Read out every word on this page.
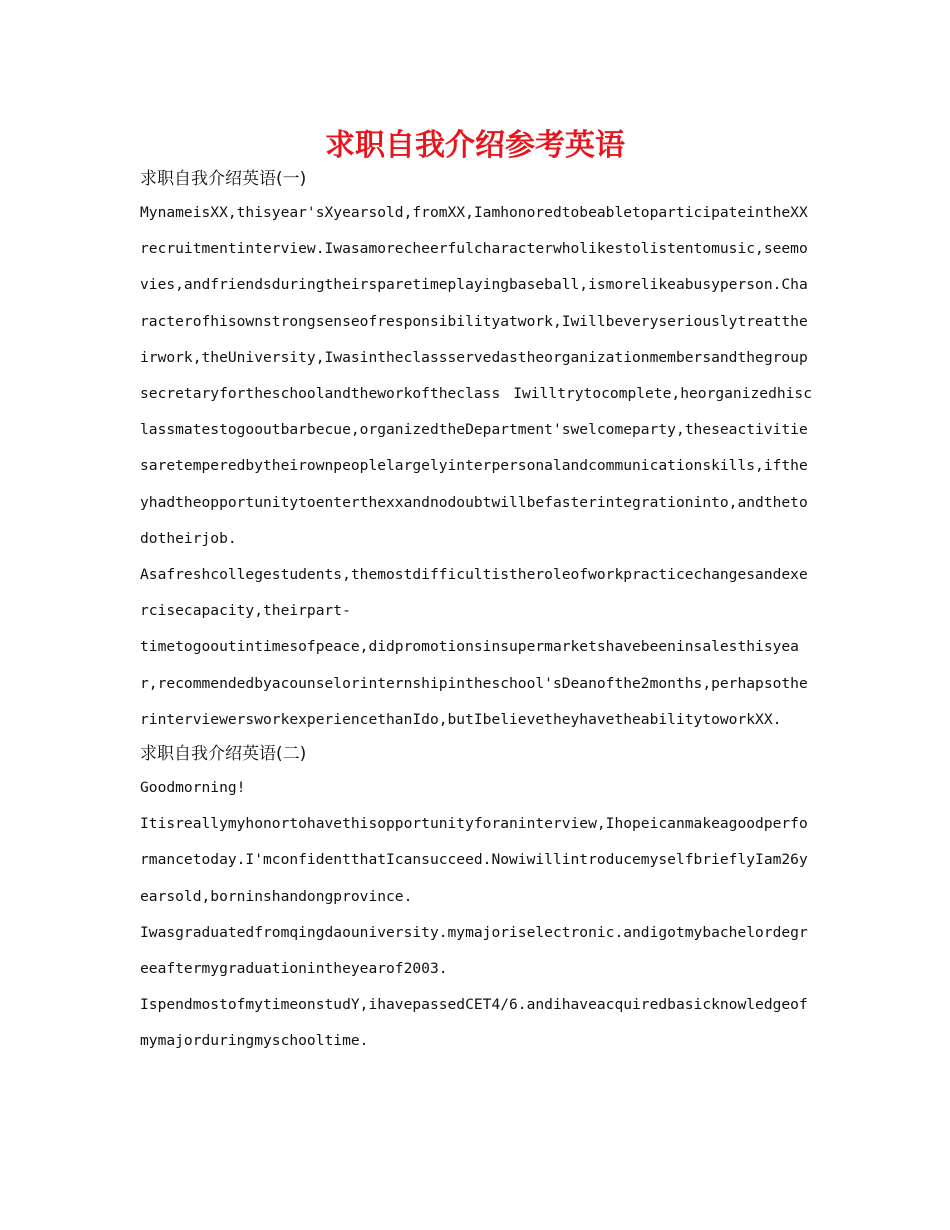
求职自我介绍参考英语

求职自我介绍英语(一)

MynameisXX,thisyear'sXyearsold,fromXX,IamhonoredtobeabletoparticipateintheXXrecruitmentinterview.Iwasamorecheerfulcharacterwholikestolistentomusic,seemovies,andfriendsduringtheirsparetimeplayingbaseball,ismorelikeabusyperson.Characterofhisownstrongsenseofresponsibilityatwork,Iwillbeveryseriouslytreattheirwork,theUniversity,Iwasintheclassservedastheorganizationmembersandthegroupsecretaryfortheschoolandtheworkoftheclass Iwilltrytocomplete,heorganizedhisclassmatestogooutbarbecue,organizedtheDepartment'swelcomeparty,theseactivitiesaretemperedbytheirownpeoplelargelyinterpersonalandcommunicationskills,iftheyhadtheopportunitytoenterthexxandnodoubtwillbefasterintegrationinto,andthetodotheirjob.

Asafreshcollegestudents,themostdifficultistheroleofworkpracticechangesandexercisecapacity,theirpart-

timetogooutintimesofpeace,didpromotionsinsupermarketshavebeeninsalesthisyear,recommendedbyacounselorinternshipintheschool'sDeanofthe2months,perhapsotherinterviewersworkexperiencethanIdo,butIbelievetheyhavetheabilitytoworkXX.

求职自我介绍英语(二)

Goodmorning!

Itisreallymyhonortohavethisopportunityforaninterview,Ihopeicanmakeagoodperformancetoday.I'mconfidentthatIcansucceed.NowiwillintroducemyselfbrieflyIam26yearsold,borninshandongprovince.

Iwasgraduatedfromqingdaouniversity.mymajoriselectronic.andigotmybachelordegreeaftermygraduationintheyearof2003.

IspendmostofmytimeonstudY,ihavepassedCET4/6.andihaveacquiredbasicknowledgeofmymajorduringmyschooltime.
